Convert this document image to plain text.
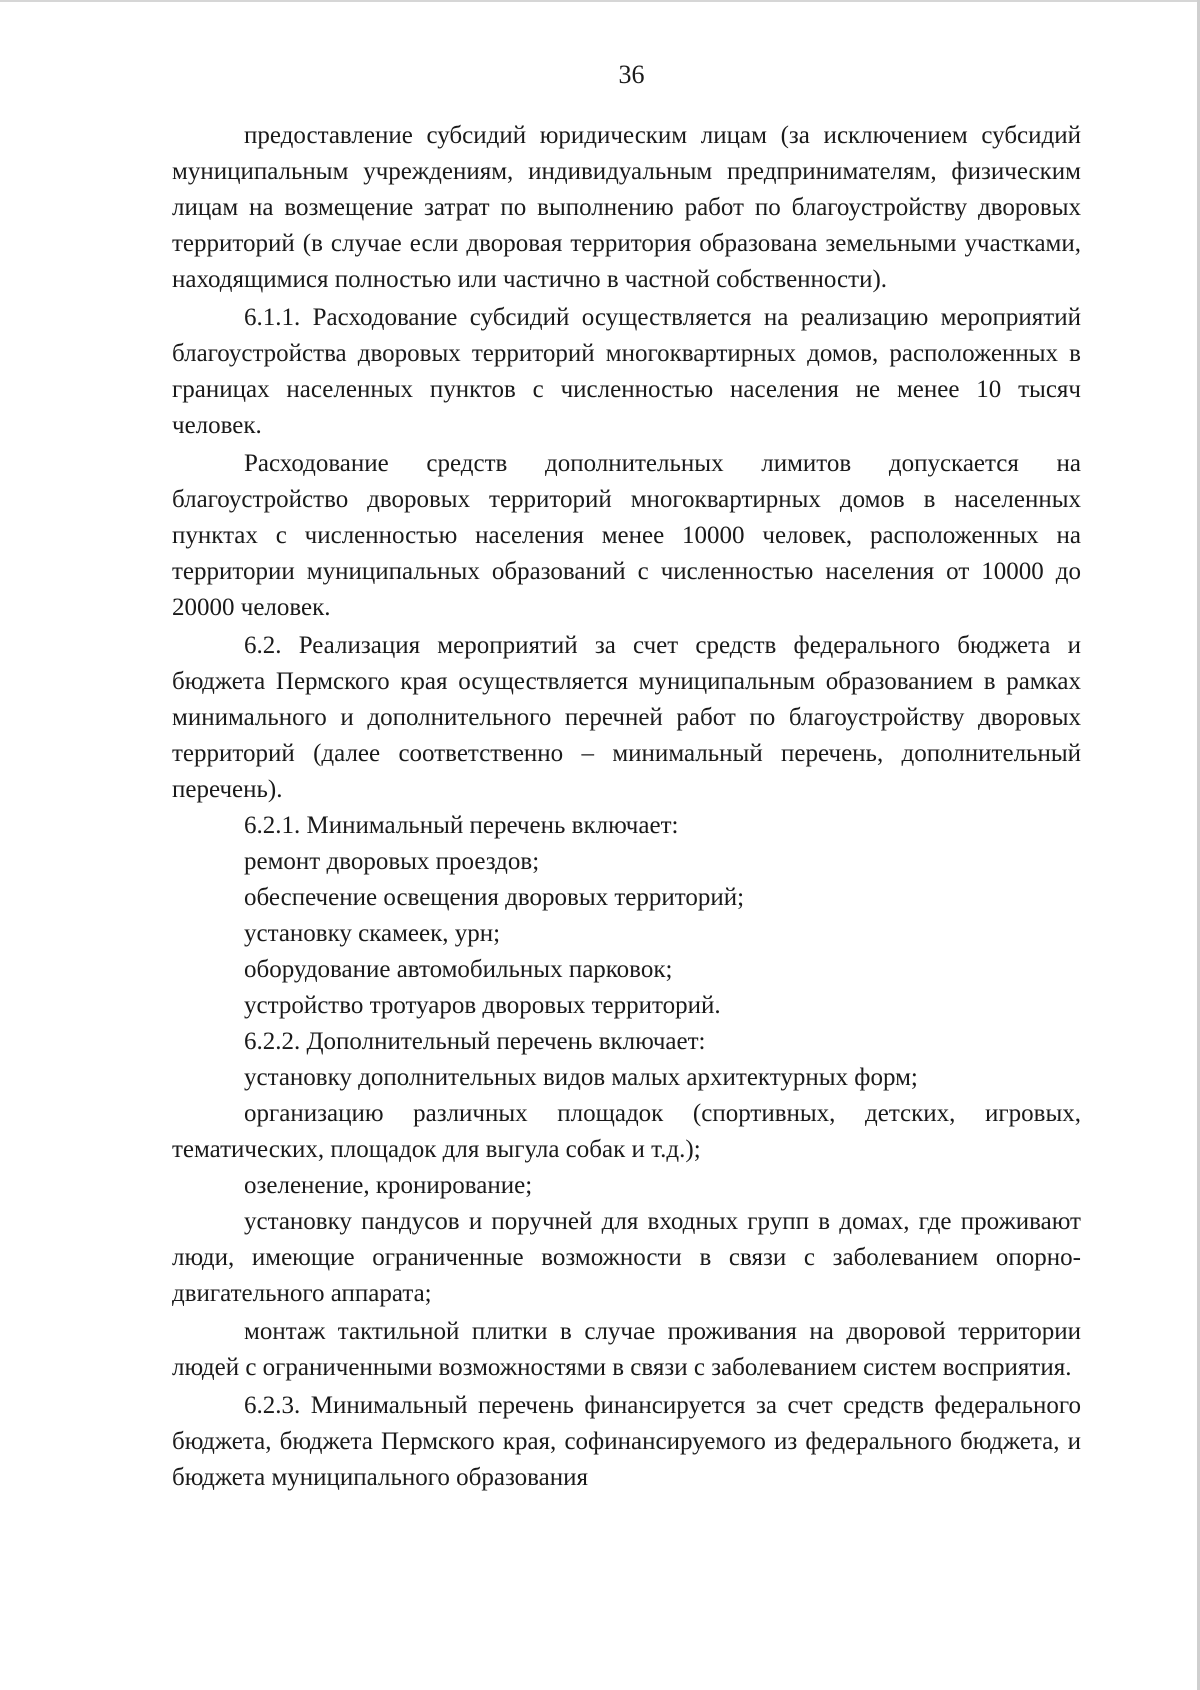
36

предоставление субсидий юридическим лицам (за исключением субсидий муниципальным учреждениям, индивидуальным предпринимателям, физическим лицам на возмещение затрат по выполнению работ по благоустройству дворовых территорий (в случае если дворовая территория образована земельными участками, находящимися полностью или частично в частной собственности).

6.1.1. Расходование субсидий осуществляется на реализацию мероприятий благоустройства дворовых территорий многоквартирных домов, расположенных в границах населенных пунктов с численностью населения не менее 10 тысяч человек.

Расходование средств дополнительных лимитов допускается на благоустройство дворовых территорий многоквартирных домов в населенных пунктах с численностью населения менее 10000 человек, расположенных на территории муниципальных образований с численностью населения от 10000 до 20000 человек.

6.2. Реализация мероприятий за счет средств федерального бюджета и бюджета Пермского края осуществляется муниципальным образованием в рамках минимального и дополнительного перечней работ по благоустройству дворовых территорий (далее соответственно – минимальный перечень, дополнительный перечень).

6.2.1. Минимальный перечень включает:

ремонт дворовых проездов;

обеспечение освещения дворовых территорий;

установку скамеек, урн;

оборудование автомобильных парковок;

устройство тротуаров дворовых территорий.

6.2.2. Дополнительный перечень включает:

установку дополнительных видов малых архитектурных форм;

организацию различных площадок (спортивных, детских, игровых, тематических, площадок для выгула собак и т.д.);

озеленение, кронирование;

установку пандусов и поручней для входных групп в домах, где проживают люди, имеющие ограниченные возможности в связи с заболеванием опорно-двигательного аппарата;

монтаж тактильной плитки в случае проживания на дворовой территории людей с ограниченными возможностями в связи с заболеванием систем восприятия.

6.2.3. Минимальный перечень финансируется за счет средств федерального бюджета, бюджета Пермского края, софинансируемого из федерального бюджета, и бюджета муниципального образования
